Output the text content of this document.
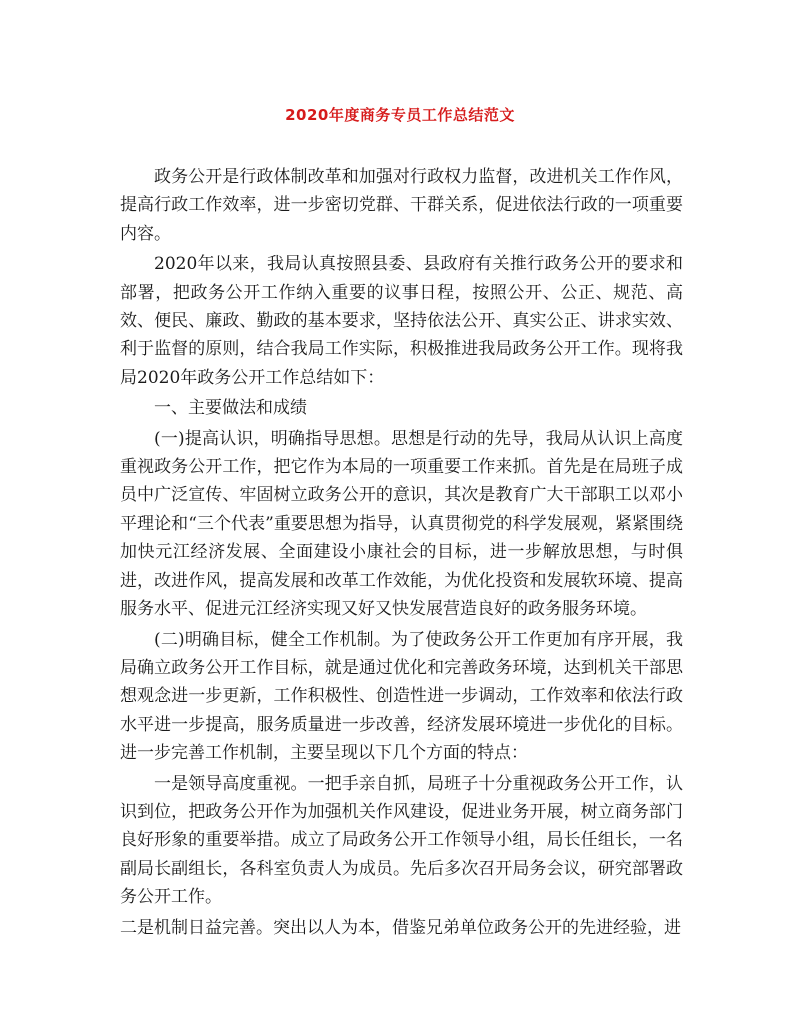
2020年度商务专员工作总结范文

政务公开是行政体制改革和加强对行政权力监督，改进机关工作作风，提高行政工作效率，进一步密切党群、干群关系，促进依法行政的一项重要内容。

2020年以来，我局认真按照县委、县政府有关推行政务公开的要求和部署，把政务公开工作纳入重要的议事日程，按照公开、公正、规范、高效、便民、廉政、勤政的基本要求，坚持依法公开、真实公正、讲求实效、利于监督的原则，结合我局工作实际，积极推进我局政务公开工作。现将我局2020年政务公开工作总结如下：

一、主要做法和成绩

(一)提高认识，明确指导思想。思想是行动的先导，我局从认识上高度重视政务公开工作，把它作为本局的一项重要工作来抓。首先是在局班子成员中广泛宣传、牢固树立政务公开的意识，其次是教育广大干部职工以邓小平理论和“三个代表”重要思想为指导，认真贯彻党的科学发展观，紧紧围绕加快元江经济发展、全面建设小康社会的目标，进一步解放思想，与时俱进，改进作风，提高发展和改革工作效能，为优化投资和发展软环境、提高服务水平、促进元江经济实现又好又快发展营造良好的政务服务环境。

(二)明确目标，健全工作机制。为了使政务公开工作更加有序开展，我局确立政务公开工作目标，就是通过优化和完善政务环境，达到机关干部思想观念进一步更新，工作积极性、创造性进一步调动，工作效率和依法行政水平进一步提高，服务质量进一步改善，经济发展环境进一步优化的目标。进一步完善工作机制，主要呈现以下几个方面的特点：

一是领导高度重视。一把手亲自抓，局班子十分重视政务公开工作，认识到位，把政务公开作为加强机关作风建设，促进业务开展，树立商务部门良好形象的重要举措。成立了局政务公开工作领导小组，局长任组长，一名副局长副组长，各科室负责人为成员。先后多次召开局务会议，研究部署政务公开工作。

二是机制日益完善。突出以人为本，借鉴兄弟单位政务公开的先进经验，进
